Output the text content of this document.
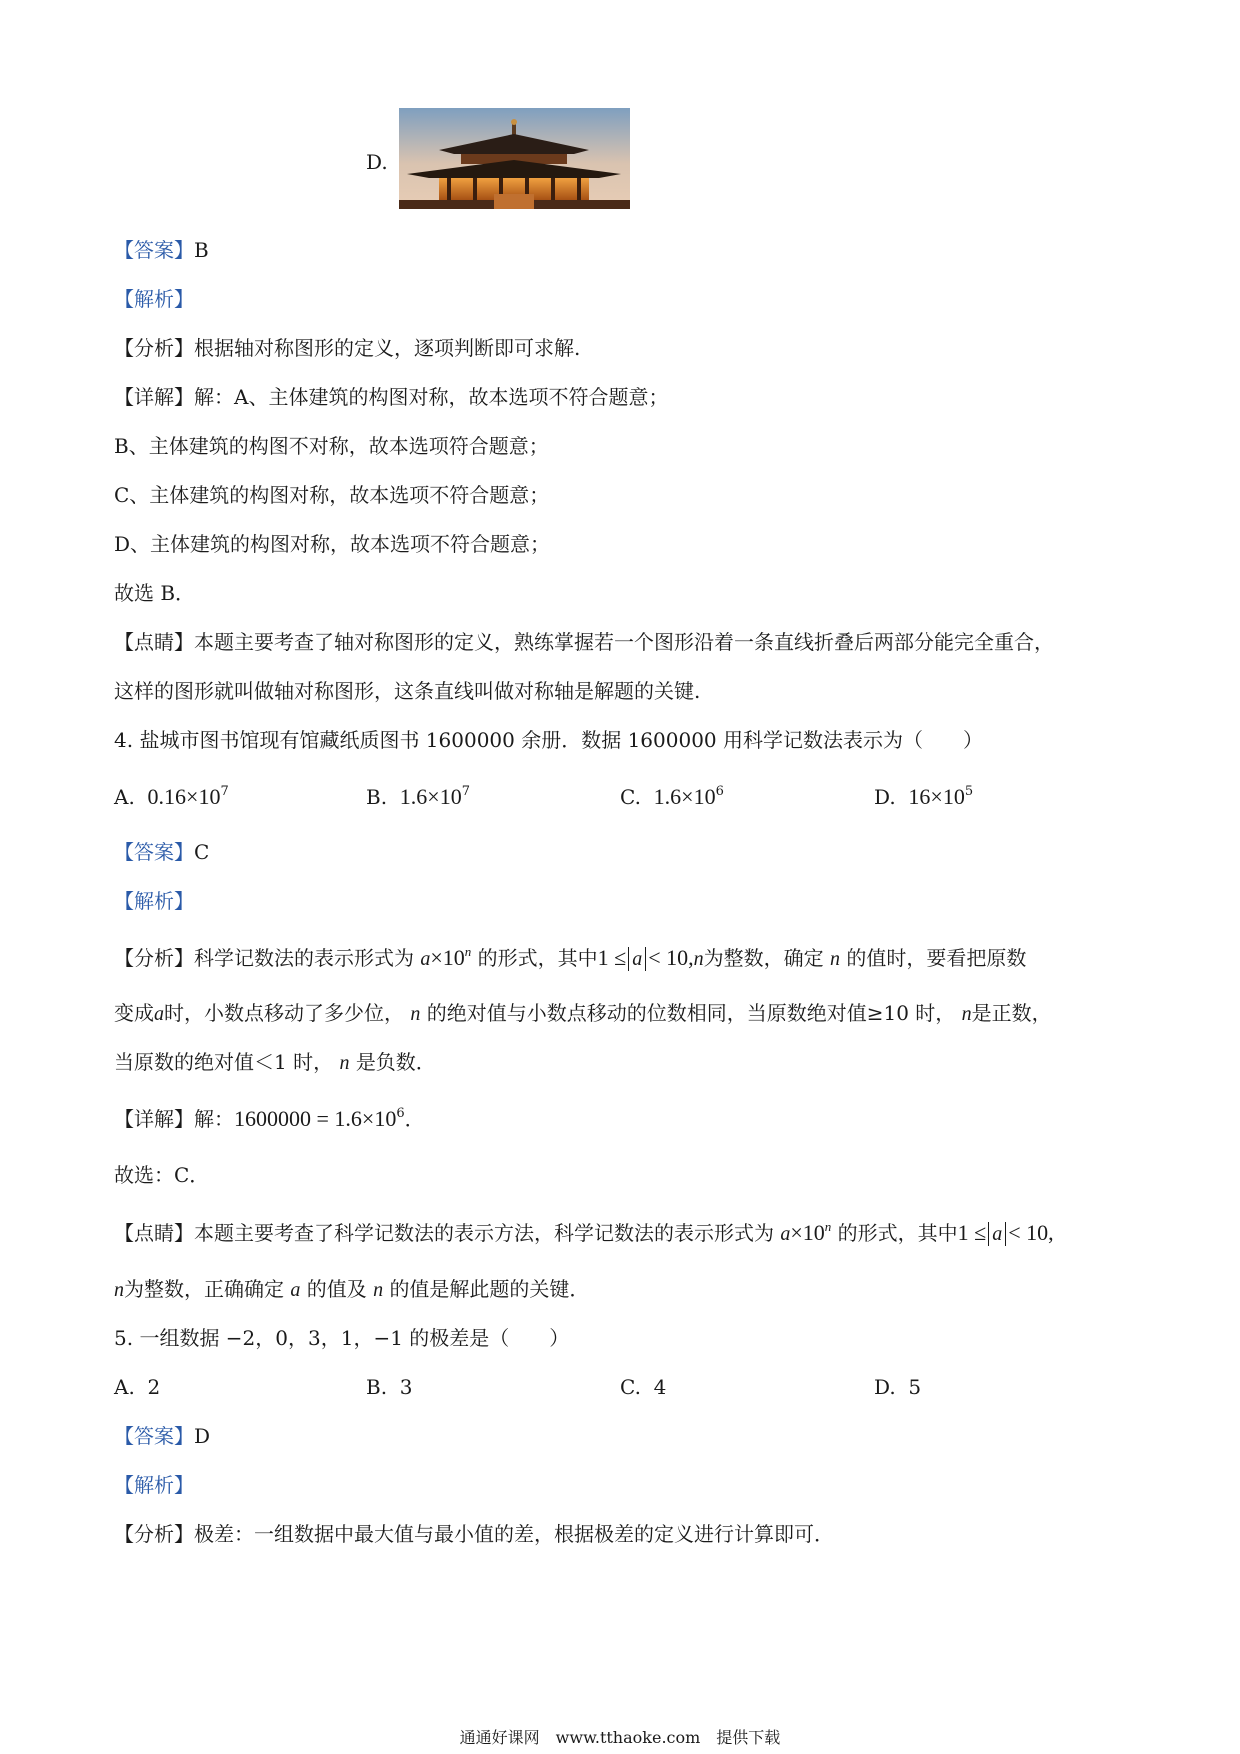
D.
【答案】B
【解析】
【分析】根据轴对称图形的定义，逐项判断即可求解.
【详解】解：A、主体建筑的构图对称，故本选项不符合题意；
B、主体建筑的构图不对称，故本选项符合题意；
C、主体建筑的构图对称，故本选项不符合题意；
D、主体建筑的构图对称，故本选项不符合题意；
故选 B．
【点睛】本题主要考查了轴对称图形的定义，熟练掌握若一个图形沿着一条直线折叠后两部分能完全重合，
这样的图形就叫做轴对称图形，这条直线叫做对称轴是解题的关键.
4. 盐城市图书馆现有馆藏纸质图书 1600000 余册．数据 1600000 用科学记数法表示为（　　）
A. $0.16\times 10^7$	B. $1.6\times 10^7$	C. $1.6\times 10^6$	D. $16\times 10^5$
【答案】C
【解析】
【分析】科学记数法的表示形式为 $a\times 10^n$ 的形式，其中1 ≤ a < 10,n为整数，确定 n 的值时，要看把原数
变成a时，小数点移动了多少位， n 的绝对值与小数点移动的位数相同，当原数绝对值≥10 时， n是正数，
当原数的绝对值＜1 时， n 是负数．
【详解】解：$1600000 = 1.6\times 10^6$．
故选：C．
【点睛】本题主要考查了科学记数法的表示方法，科学记数法的表示形式为 $a\times 10^n$ 的形式，其中1 ≤ a < 10,
n为整数，正确确定 a 的值及 n 的值是解此题的关键．
5. 一组数据 −2，0，3，1，−1 的极差是（　　）
A. 2	B. 3	C. 4	D. 5
【答案】D
【解析】
【分析】极差：一组数据中最大值与最小值的差，根据极差的定义进行计算即可．
通通好课网　www.tthaoke.com　提供下载
